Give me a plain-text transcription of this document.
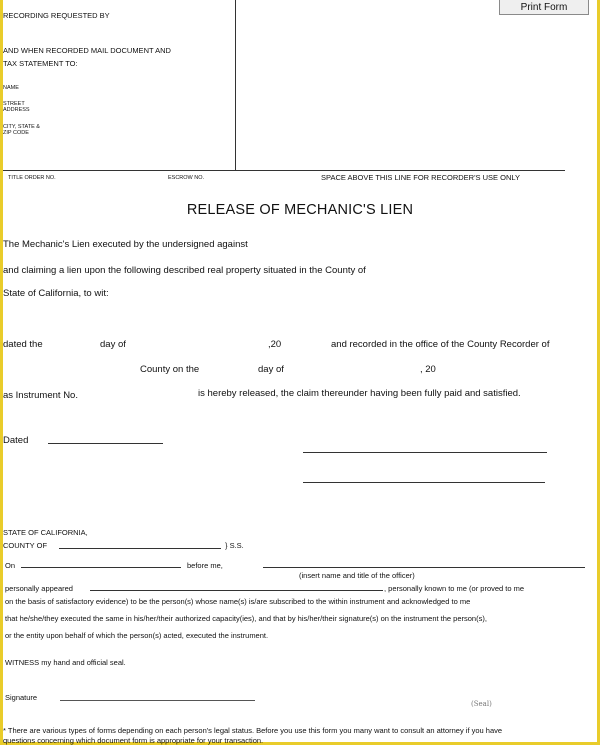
Print Form
RECORDING REQUESTED BY
AND WHEN RECORDED MAIL DOCUMENT AND
TAX STATEMENT TO:
NAME
STREET
ADDRESS
CITY, STATE &
ZIP CODE
TITLE ORDER NO.	ESCROW NO.	SPACE ABOVE THIS LINE FOR RECORDER'S USE ONLY
RELEASE OF MECHANIC'S LIEN
The Mechanic's Lien executed by the undersigned against
and claiming a lien upon the following described real property situated in the County of
State of California, to wit:
dated the	day of	,20	and recorded in the office of the County Recorder of
County on the	day of	, 20
as Instrument No.	is hereby released, the claim thereunder having been fully paid and satisfied.
Dated
STATE OF CALIFORNIA,
COUNTY OF	} S.S.
On	before me,
(insert name and title of the officer)
personally appeared	, personally known to me (or proved to me
on the basis of satisfactory evidence) to be the person(s) whose name(s) is/are subscribed to the within instrument and acknowledged to me
that he/she/they executed the same in his/her/their authorized capacity(ies), and that by his/her/their signature(s) on the instrument the person(s),
or the entity upon behalf of which the person(s) acted, executed the instrument.
WITNESS my hand and official seal.
Signature
(Seal)
* There are various types of forms depending on each person's legal status. Before you use this form you many want to consult an attorney if you have
questions concerning which document form is appropriate for your transaction.
